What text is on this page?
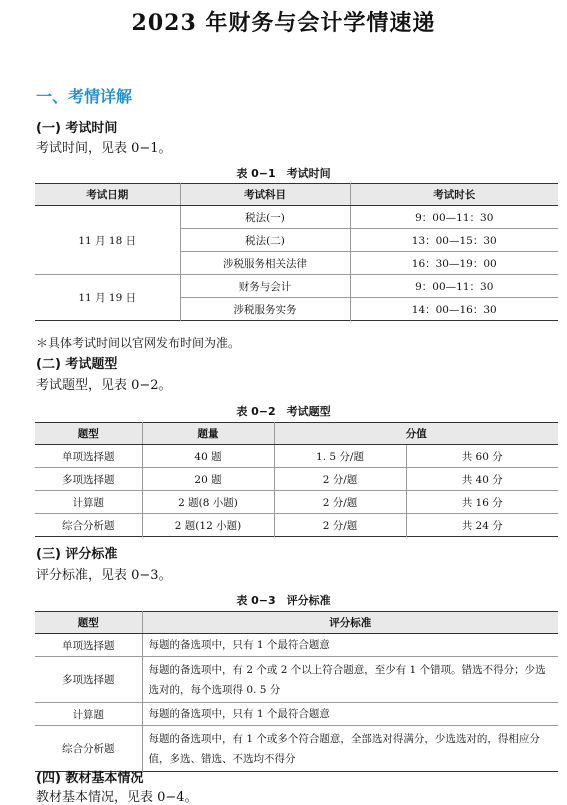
2023 年财务与会计学情速递
一、考情详解
(一) 考试时间
考试时间，见表 0−1。
表 0−1　考试时间
考试日期	考试科目	考试时长
11 月 18 日	税法(一)	9：00—11：30
	税法(二)	13：00—15：30
	涉税服务相关法律	16：30—19：00
11 月 19 日	财务与会计	9：00—11：30
	涉税服务实务	14：00—16：30
＊具体考试时间以官网发布时间为准。
(二) 考试题型
考试题型，见表 0−2。
表 0−2　考试题型
题型	题量	分值	
单项选择题	40 题	1. 5 分/题	共 60 分
多项选择题	20 题	2 分/题	共 40 分
计算题	2 题(8 小题)	2 分/题	共 16 分
综合分析题	2 题(12 小题)	2 分/题	共 24 分
(三) 评分标准
评分标准，见表 0−3。
表 0−3　评分标准
题型	评分标准
单项选择题	每题的备选项中，只有 1 个最符合题意
多项选择题	每题的备选项中，有 2 个或 2 个以上符合题意，至少有 1 个错项。错选不得分；少选选对的，每个选项得 0. 5 分
计算题	每题的备选项中，只有 1 个最符合题意
综合分析题	每题的备选项中，有 1 个或多个符合题意，全部选对得满分，少选选对的，得相应分值，多选、错选、不选均不得分
(四) 教材基本情况
教材基本情况，见表 0−4。
